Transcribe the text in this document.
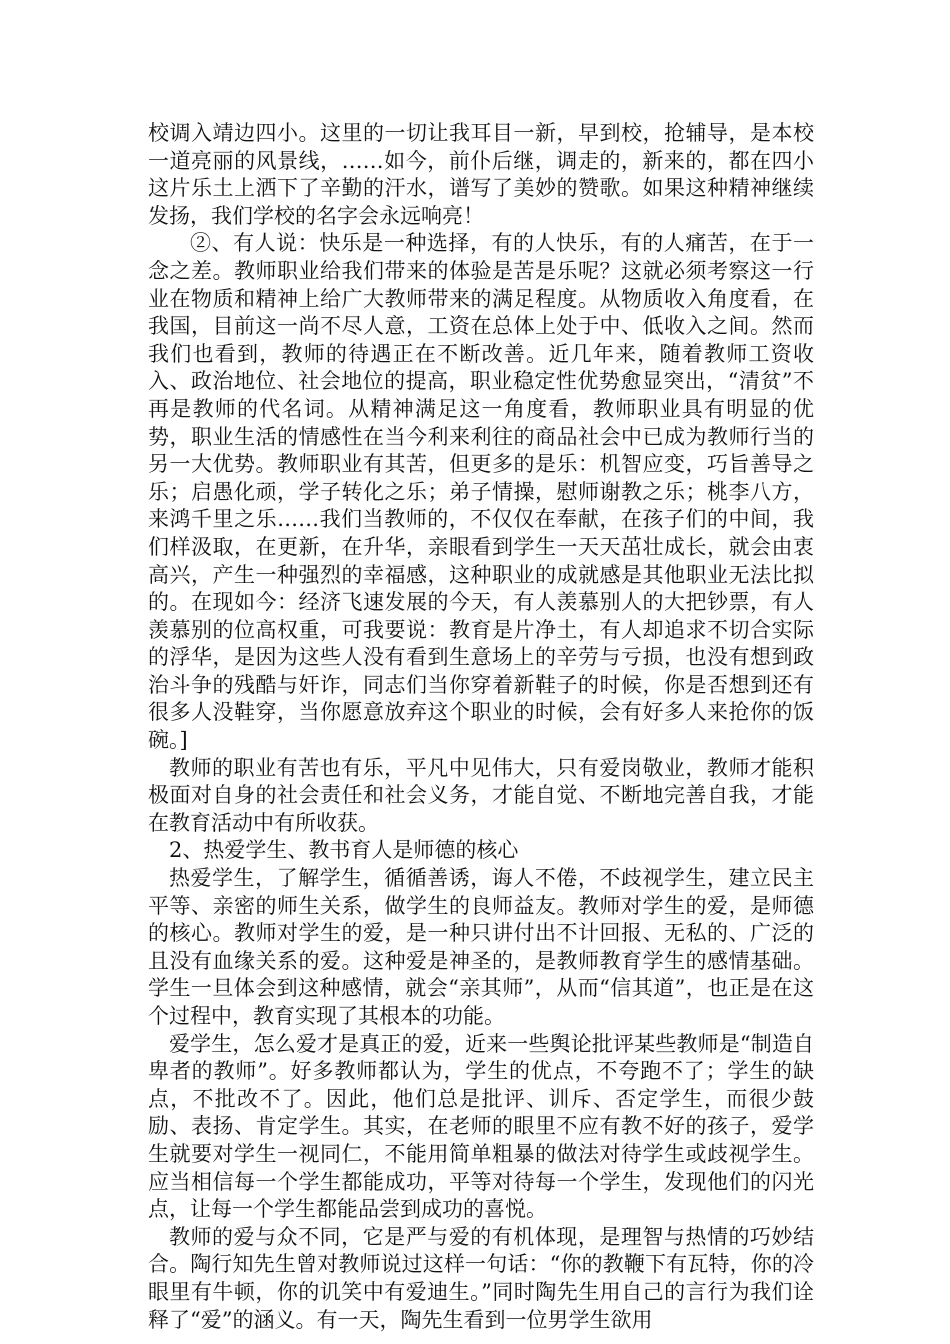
校调入靖边四小。这里的一切让我耳目一新，早到校，抢辅导，是本校一道亮丽的风景线，……如今，前仆后继，调走的，新来的，都在四小这片乐土上洒下了辛勤的汗水，谱写了美妙的赞歌。如果这种精神继续发扬，我们学校的名字会永远响亮！

②、有人说：快乐是一种选择，有的人快乐，有的人痛苦，在于一念之差。教师职业给我们带来的体验是苦是乐呢？这就必须考察这一行业在物质和精神上给广大教师带来的满足程度。从物质收入角度看，在我国，目前这一尚不尽人意，工资在总体上处于中、低收入之间。然而我们也看到，教师的待遇正在不断改善。近几年来，随着教师工资收入、政治地位、社会地位的提高，职业稳定性优势愈显突出，“清贫”不再是教师的代名词。从精神满足这一角度看，教师职业具有明显的优势，职业生活的情感性在当今利来利往的商品社会中已成为教师行当的另一大优势。教师职业有其苦，但更多的是乐：机智应变，巧旨善导之乐；启愚化顽，学子转化之乐；弟子情操，慰师谢教之乐；桃李八方，来鸿千里之乐……我们当教师的，不仅仅在奉献，在孩子们的中间，我们样汲取，在更新，在升华，亲眼看到学生一天天茁壮成长，就会由衷高兴，产生一种强烈的幸福感，这种职业的成就感是其他职业无法比拟的。在现如今：经济飞速发展的今天，有人羡慕别人的大把钞票，有人羡慕别的位高权重，可我要说：教育是片净土，有人却追求不切合实际的浮华，是因为这些人没有看到生意场上的辛劳与亏损，也没有想到政治斗争的残酷与奸诈，同志们当你穿着新鞋子的时候，你是否想到还有很多人没鞋穿，当你愿意放弃这个职业的时候，会有好多人来抢你的饭碗。]

教师的职业有苦也有乐，平凡中见伟大，只有爱岗敬业，教师才能积极面对自身的社会责任和社会义务，才能自觉、不断地完善自我，才能在教育活动中有所收获。

2、热爱学生、教书育人是师德的核心

热爱学生，了解学生，循循善诱，诲人不倦，不歧视学生，建立民主平等、亲密的师生关系，做学生的良师益友。教师对学生的爱，是师德的核心。教师对学生的爱，是一种只讲付出不计回报、无私的、广泛的且没有血缘关系的爱。这种爱是神圣的，是教师教育学生的感情基础。学生一旦体会到这种感情，就会“亲其师”，从而“信其道”，也正是在这个过程中，教育实现了其根本的功能。

爱学生，怎么爱才是真正的爱，近来一些舆论批评某些教师是“制造自卑者的教师”。好多教师都认为，学生的优点，不夸跑不了；学生的缺点，不批改不了。因此，他们总是批评、训斥、否定学生，而很少鼓励、表扬、肯定学生。其实，在老师的眼里不应有教不好的孩子，爱学生就要对学生一视同仁，不能用简单粗暴的做法对待学生或歧视学生。应当相信每一个学生都能成功，平等对待每一个学生，发现他们的闪光点，让每一个学生都能品尝到成功的喜悦。

教师的爱与众不同，它是严与爱的有机体现，是理智与热情的巧妙结合。陶行知先生曾对教师说过这样一句话：“你的教鞭下有瓦特，你的冷眼里有牛顿，你的讥笑中有爱迪生。”同时陶先生用自己的言行为我们诠释了“爱”的涵义。有一天，陶先生看到一位男学生欲用
